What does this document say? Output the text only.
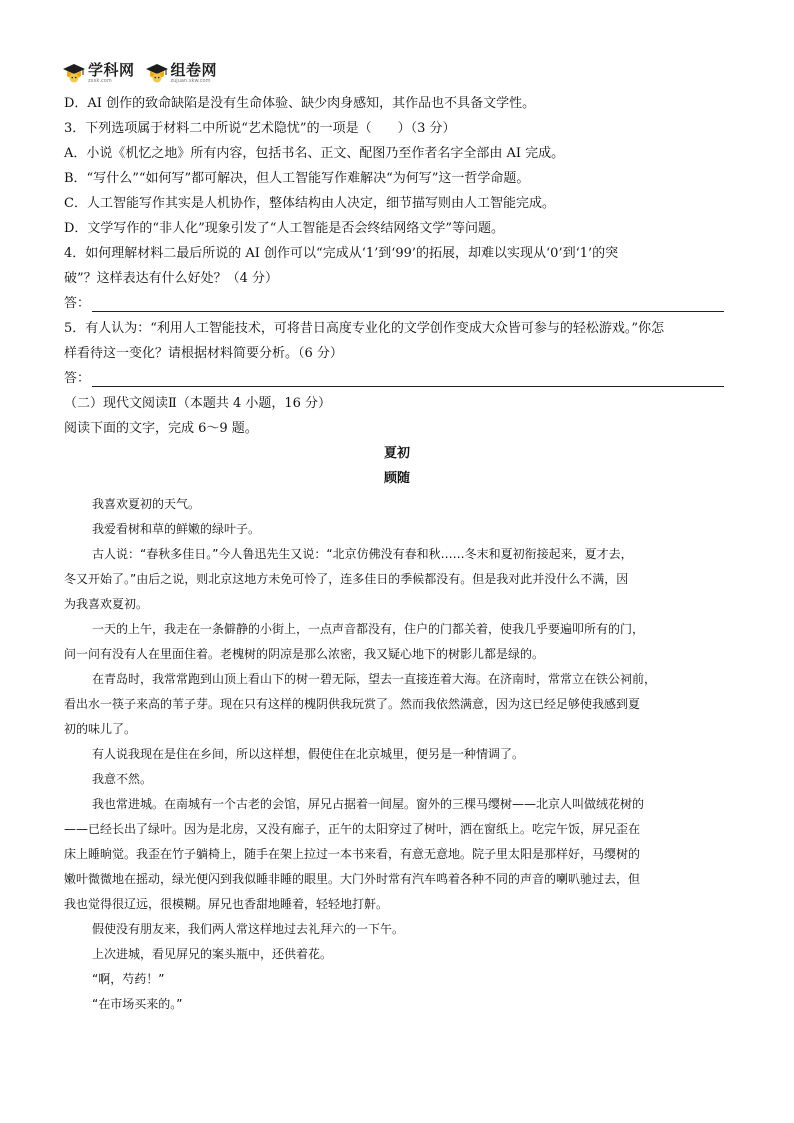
学科网
zxxk.com
组卷网
zujuan.xkw.com
D．AI 创作的致命缺陷是没有生命体验、缺少肉身感知，其作品也不具备文学性。
3．下列选项属于材料二中所说“艺术隐忧”的一项是（　　）（3 分）
A．小说《机忆之地》所有内容，包括书名、正文、配图乃至作者名字全部由 AI 完成。
B．“写什么”“如何写”都可解决，但人工智能写作难解决“为何写”这一哲学命题。
C．人工智能写作其实是人机协作，整体结构由人决定，细节描写则由人工智能完成。
D．文学写作的“非人化”现象引发了“人工智能是否会终结网络文学”等问题。
4．如何理解材料二最后所说的 AI 创作可以“完成从‘1’到‘99’的拓展，却难以实现从‘0’到‘1’的突
破”？这样表达有什么好处？（4 分）
答：
5．有人认为：“利用人工智能技术，可将昔日高度专业化的文学创作变成大众皆可参与的轻松游戏。”你怎
样看待这一变化？请根据材料简要分析。（6 分）
答：
（二）现代文阅读Ⅱ（本题共 4 小题，16 分）
阅读下面的文字，完成 6～9 题。
夏初
顾随
我喜欢夏初的天气。
我爱看树和草的鲜嫩的绿叶子。
古人说：“春秋多佳日。”今人鲁迅先生又说：“北京仿佛没有春和秋……冬末和夏初衔接起来，夏才去，
冬又开始了。”由后之说，则北京这地方未免可怜了，连多佳日的季候都没有。但是我对此并没什么不满，因
为我喜欢夏初。
一天的上午，我走在一条僻静的小街上，一点声音都没有，住户的门都关着，使我几乎要遍叩所有的门，
问一问有没有人在里面住着。老槐树的阴凉是那么浓密，我又疑心地下的树影儿都是绿的。
在青岛时，我常常跑到山顶上看山下的树一碧无际，望去一直接连着大海。在济南时，常常立在铁公祠前，
看出水一筷子来高的苇子芽。现在只有这样的槐阴供我玩赏了。然而我依然满意，因为这已经足够使我感到夏
初的味儿了。
有人说我现在是住在乡间，所以这样想，假使住在北京城里，便另是一种情调了。
我意不然。
我也常进城。在南城有一个古老的会馆，屏兄占据着一间屋。窗外的三棵马缨树——北京人叫做绒花树的
——已经长出了绿叶。因为是北房，又没有廊子，正午的太阳穿过了树叶，洒在窗纸上。吃完午饭，屏兄歪在
床上睡晌觉。我歪在竹子躺椅上，随手在架上拉过一本书来看，有意无意地。院子里太阳是那样好，马缨树的
嫩叶微微地在摇动，绿光便闪到我似睡非睡的眼里。大门外时常有汽车鸣着各种不同的声音的喇叭驰过去，但
我也觉得很辽远，很模糊。屏兄也香甜地睡着，轻轻地打鼾。
假使没有朋友来，我们两人常这样地过去礼拜六的一下午。
上次进城，看见屏兄的案头瓶中，还供着花。
“啊，芍药！”
“在市场买来的。”
